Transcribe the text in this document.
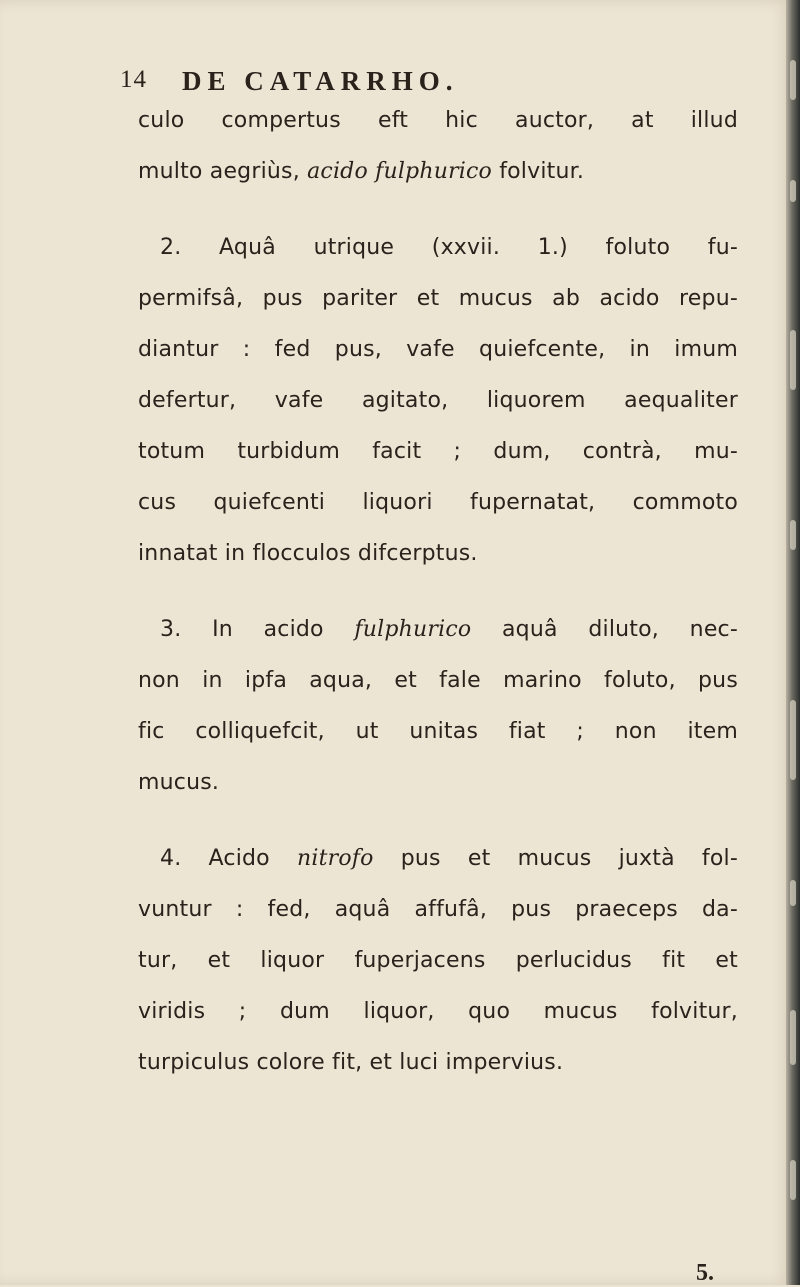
14 DE CATARRHO.
culo compertus eft hic auctor, at illud
multo aegriùs, acido fulphurico folvitur.
2. Aquâ utrique (xxvii. 1.) foluto fu-
permifsâ, pus pariter et mucus ab acido repu-
diantur : fed pus, vafe quiefcente, in imum
defertur, vafe agitato, liquorem aequaliter
totum turbidum facit ; dum, contrà, mu-
cus quiefcenti liquori fupernatat, commoto
innatat in flocculos difcerptus.
3. In acido fulphurico aquâ diluto, nec-
non in ipfa aqua, et fale marino foluto, pus
fic colliquefcit, ut unitas fiat ; non item
mucus.
4. Acido nitrofo pus et mucus juxtà fol-
vuntur : fed, aquâ affufâ, pus praeceps da-
tur, et liquor fuperjacens perlucidus fit et
viridis ; dum liquor, quo mucus folvitur,
turpiculus colore fit, et luci impervius.
5.
